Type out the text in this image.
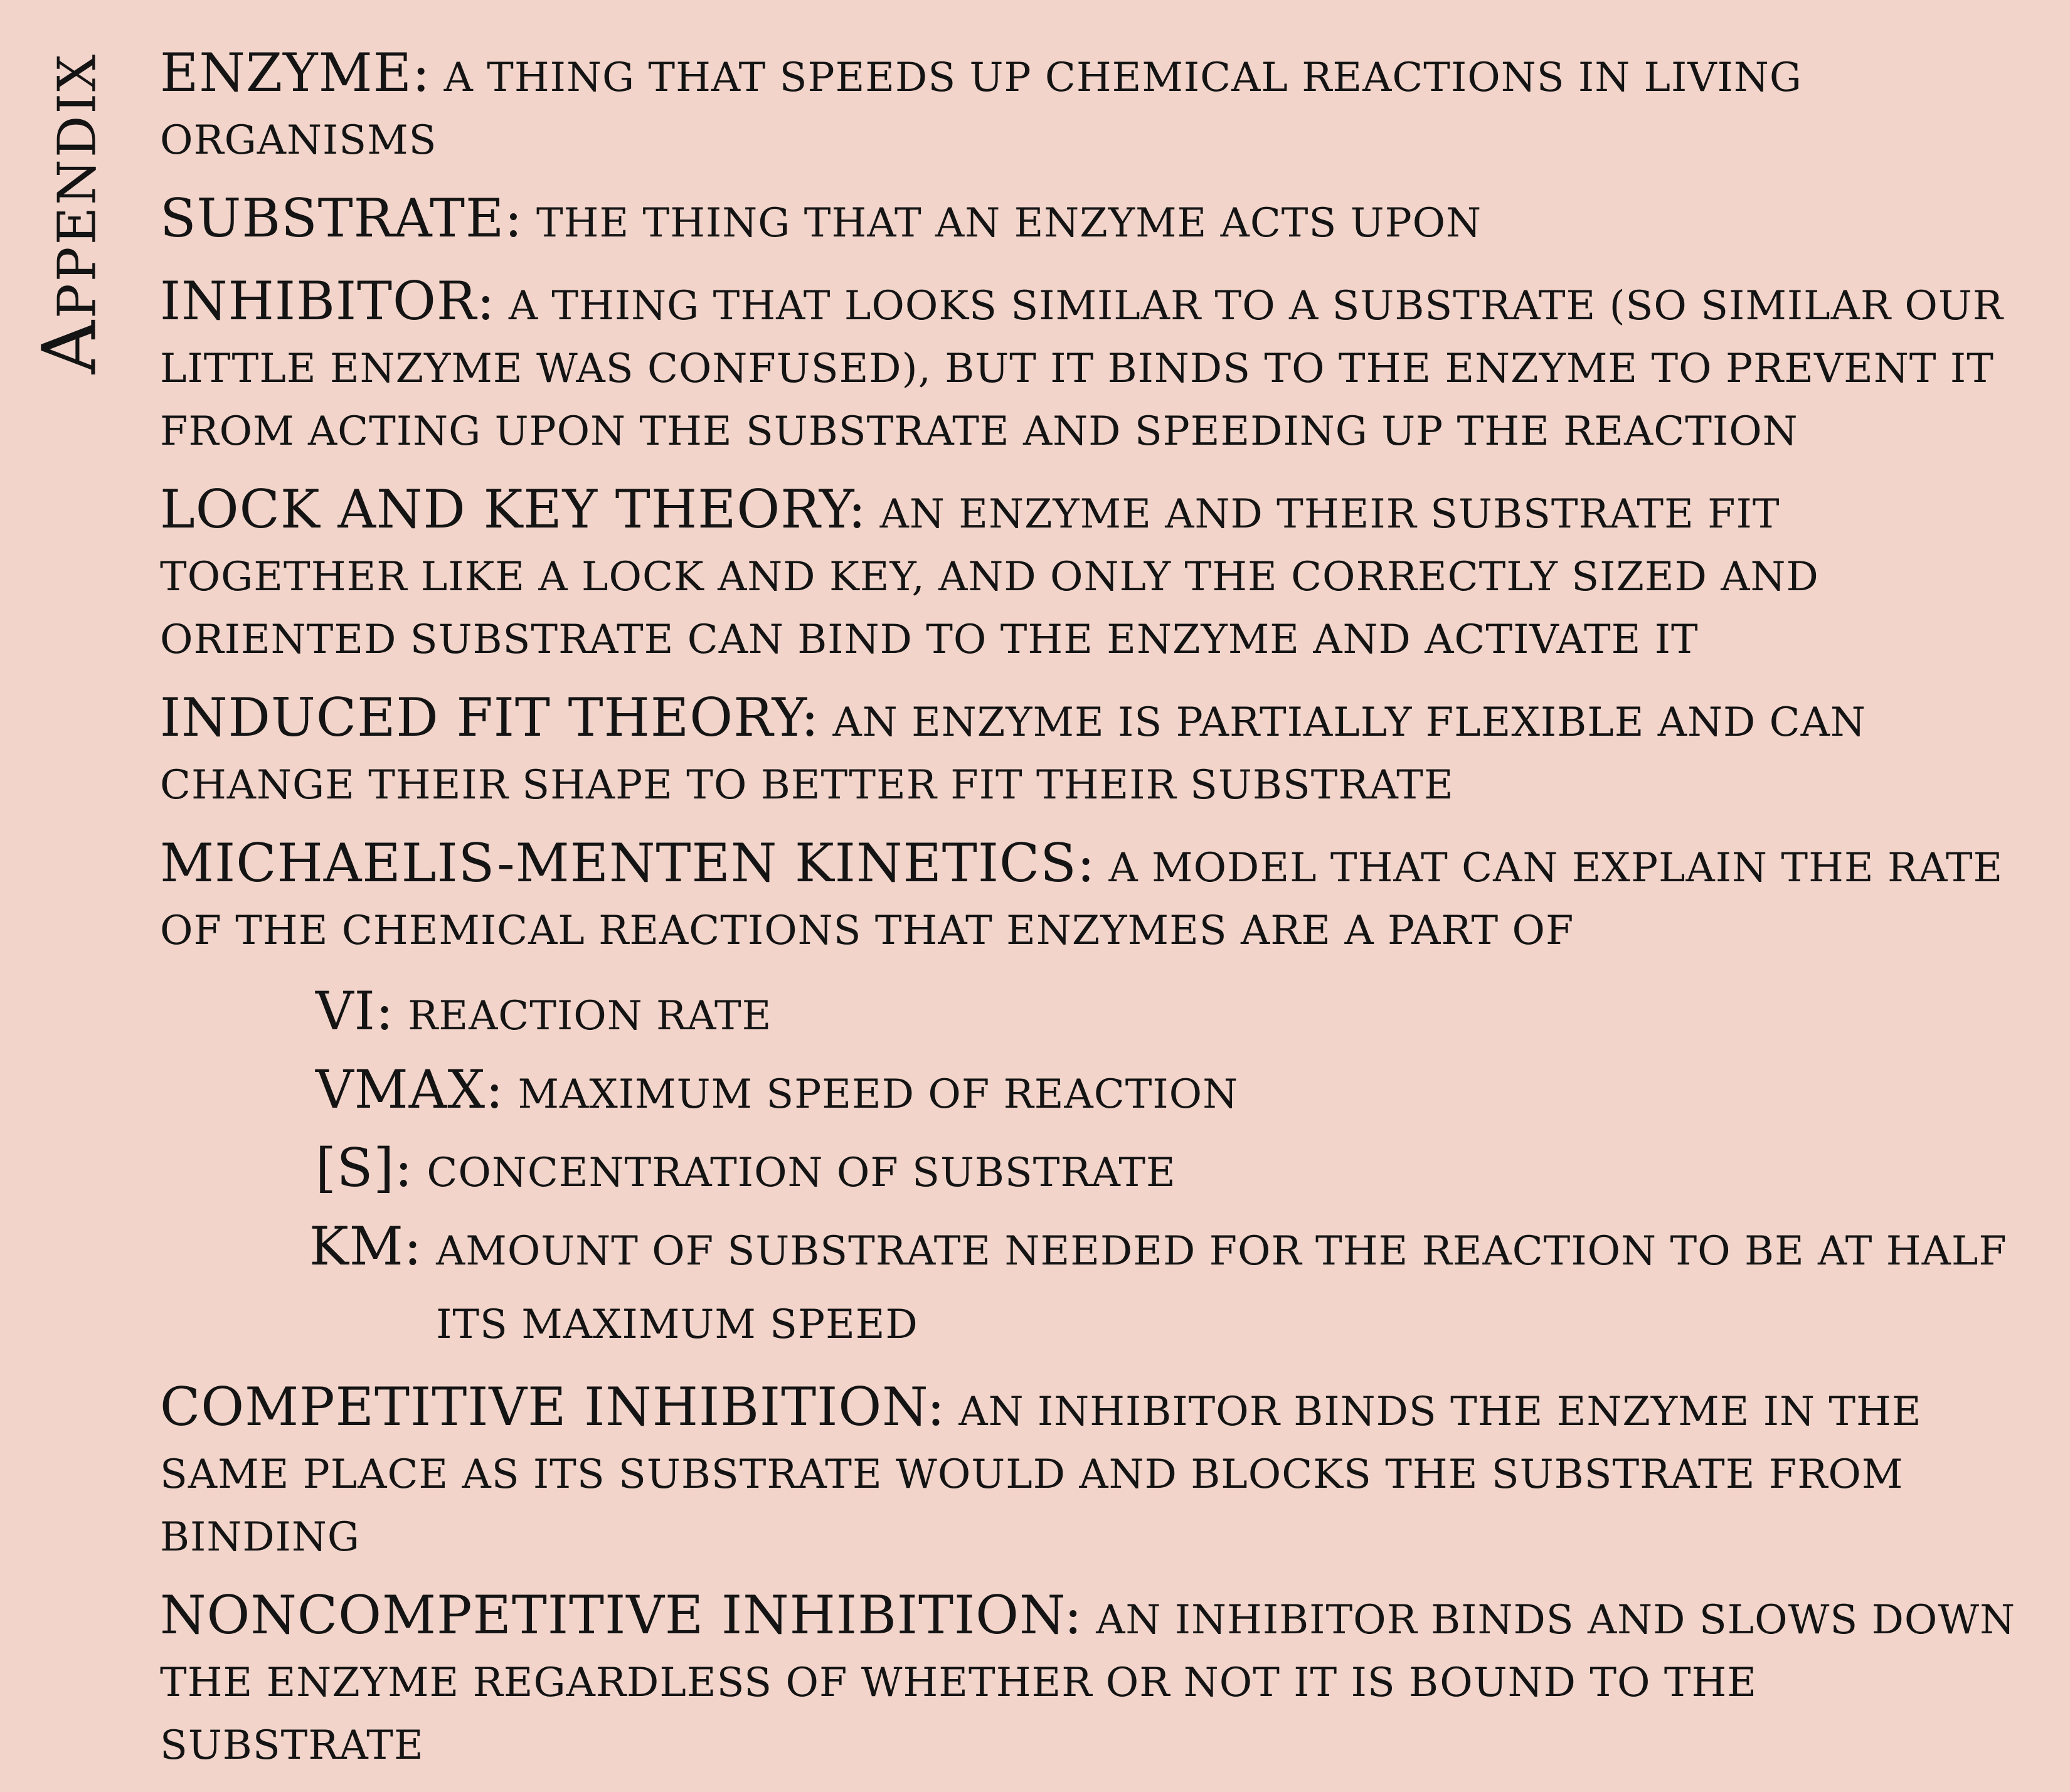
Appendix ENZYME: A THING THAT SPEEDS UP CHEMICAL REACTIONS IN LIVING ORGANISMS

SUBSTRATE: THE THING THAT AN ENZYME ACTS UPON

INHIBITOR: A THING THAT LOOKS SIMILAR TO A SUBSTRATE (SO SIMILAR OUR LITTLE ENZYME WAS CONFUSED), BUT IT BINDS TO THE ENZYME TO PREVENT IT FROM ACTING UPON THE SUBSTRATE AND SPEEDING UP THE REACTION

LOCK AND KEY THEORY: AN ENZYME AND THEIR SUBSTRATE FIT TOGETHER LIKE A LOCK AND KEY, AND ONLY THE CORRECTLY SIZED AND ORIENTED SUBSTRATE CAN BIND TO THE ENZYME AND ACTIVATE IT

INDUCED FIT THEORY: AN ENZYME IS PARTIALLY FLEXIBLE AND CAN CHANGE THEIR SHAPE TO BETTER FIT THEIR SUBSTRATE

MICHAELIS-MENTEN KINETICS: A MODEL THAT CAN EXPLAIN THE RATE OF THE CHEMICAL REACTIONS THAT ENZYMES ARE A PART OF

VI: REACTION RATE
VMAX: MAXIMUM SPEED OF REACTION
[S]: CONCENTRATION OF SUBSTRATE
KM: AMOUNT OF SUBSTRATE NEEDED FOR THE REACTION TO BE AT HALF ITS MAXIMUM SPEED

COMPETITIVE INHIBITION: AN INHIBITOR BINDS THE ENZYME IN THE SAME PLACE AS ITS SUBSTRATE WOULD AND BLOCKS THE SUBSTRATE FROM BINDING

NONCOMPETITIVE INHIBITION: AN INHIBITOR BINDS AND SLOWS DOWN THE ENZYME REGARDLESS OF WHETHER OR NOT IT IS BOUND TO THE SUBSTRATE
